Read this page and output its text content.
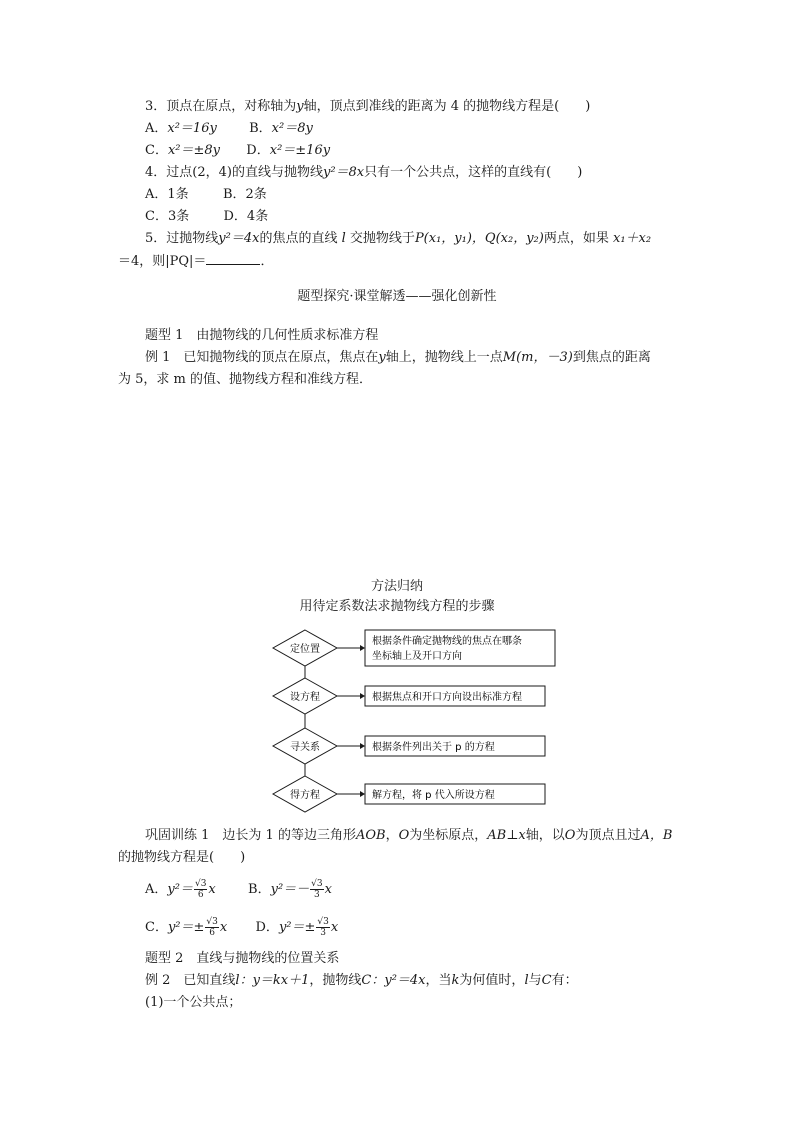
3．顶点在原点，对称轴为y轴，顶点到准线的距离为 4 的抛物线方程是(　　)
A．x²＝16y B．x²＝8y
C．x²＝±8y D．x²＝±16y
4．过点(2，4)的直线与抛物线y²＝8x只有一个公共点，这样的直线有(　　)
A．1条	B．2条
C．3条	D．4条
5．过抛物线y²＝4x的焦点的直线 l 交抛物线于P(x₁，y₁)，Q(x₂，y₂)两点，如果 x₁＋x₂
＝4，则|PQ|＝	．
题型探究·课堂解透——强化创新性
题型 1　由抛物线的几何性质求标准方程
例 1　已知抛物线的顶点在原点，焦点在y轴上，抛物线上一点M(m，－3)到焦点的距离
为 5，求 m 的值、抛物线方程和准线方程．
方法归纳
用待定系数法求抛物线方程的步骤
定位置
根据条件确定抛物线的焦点在哪条
坐标轴上及开口方向
设方程	根据焦点和开口方向设出标准方程
寻关系	根据条件列出关于 p 的方程
得方程	解方程，将 p 代入所设方程
巩固训练 1　边长为 1 的等边三角形AOB，O为坐标原点，AB⊥x轴，以O为顶点且过A，B
的抛物线方程是(　　)
A．$y^2= \frac{√3}{6}$ x B．$y^2=- \frac{√3}{3}$ x
C．$y^2=\pm \frac{√3}{6}$ x D．$y^2=\pm \frac{√3}{3}$ x
题型 2　直线与抛物线的位置关系
例 2　已知直线l：y＝kx＋1，抛物线C：y²＝4x，当k为何值时，l与C有：
(1)一个公共点；
